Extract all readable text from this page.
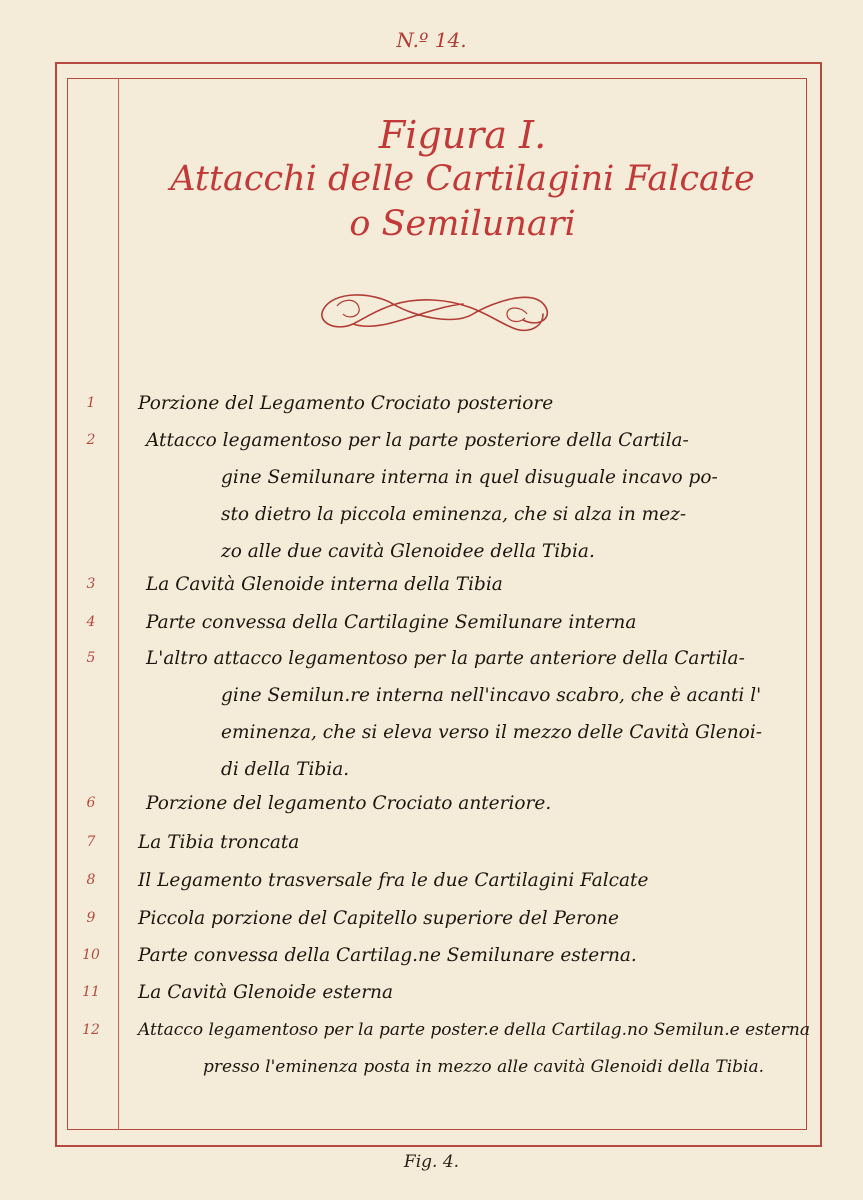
N.º 14.
Figura I.
Attacchi delle Cartilagini Falcate
o Semilunari
1	Porzione del Legamento Crociato posteriore
2	Attacco legamentoso per la parte posteriore della Cartila-
gine Semilunare interna in quel disuguale incavo po-
sto dietro la piccola eminenza, che si alza in mez-
zo alle due cavità Glenoidee della Tibia.
3	La Cavità Glenoide interna della Tibia
4	Parte convessa della Cartilagine Semilunare interna
5	L'altro attacco legamentoso per la parte anteriore della Cartila-
gine Semilun.re interna nell'incavo scabro, che è acanti l'
eminenza, che si eleva verso il mezzo delle Cavità Glenoi-
di della Tibia.
6	Porzione del legamento Crociato anteriore.
7	La Tibia troncata
8	Il Legamento trasversale fra le due Cartilagini Falcate
9	Piccola porzione del Capitello superiore del Perone
10	Parte convessa della Cartilag.ne Semilunare esterna.
11	La Cavità Glenoide esterna
12	Attacco legamentoso per la parte poster.e della Cartilag.no Semilun.e esterna
presso l'eminenza posta in mezzo alle cavità Glenoidi della Tibia.
Fig. 4.
